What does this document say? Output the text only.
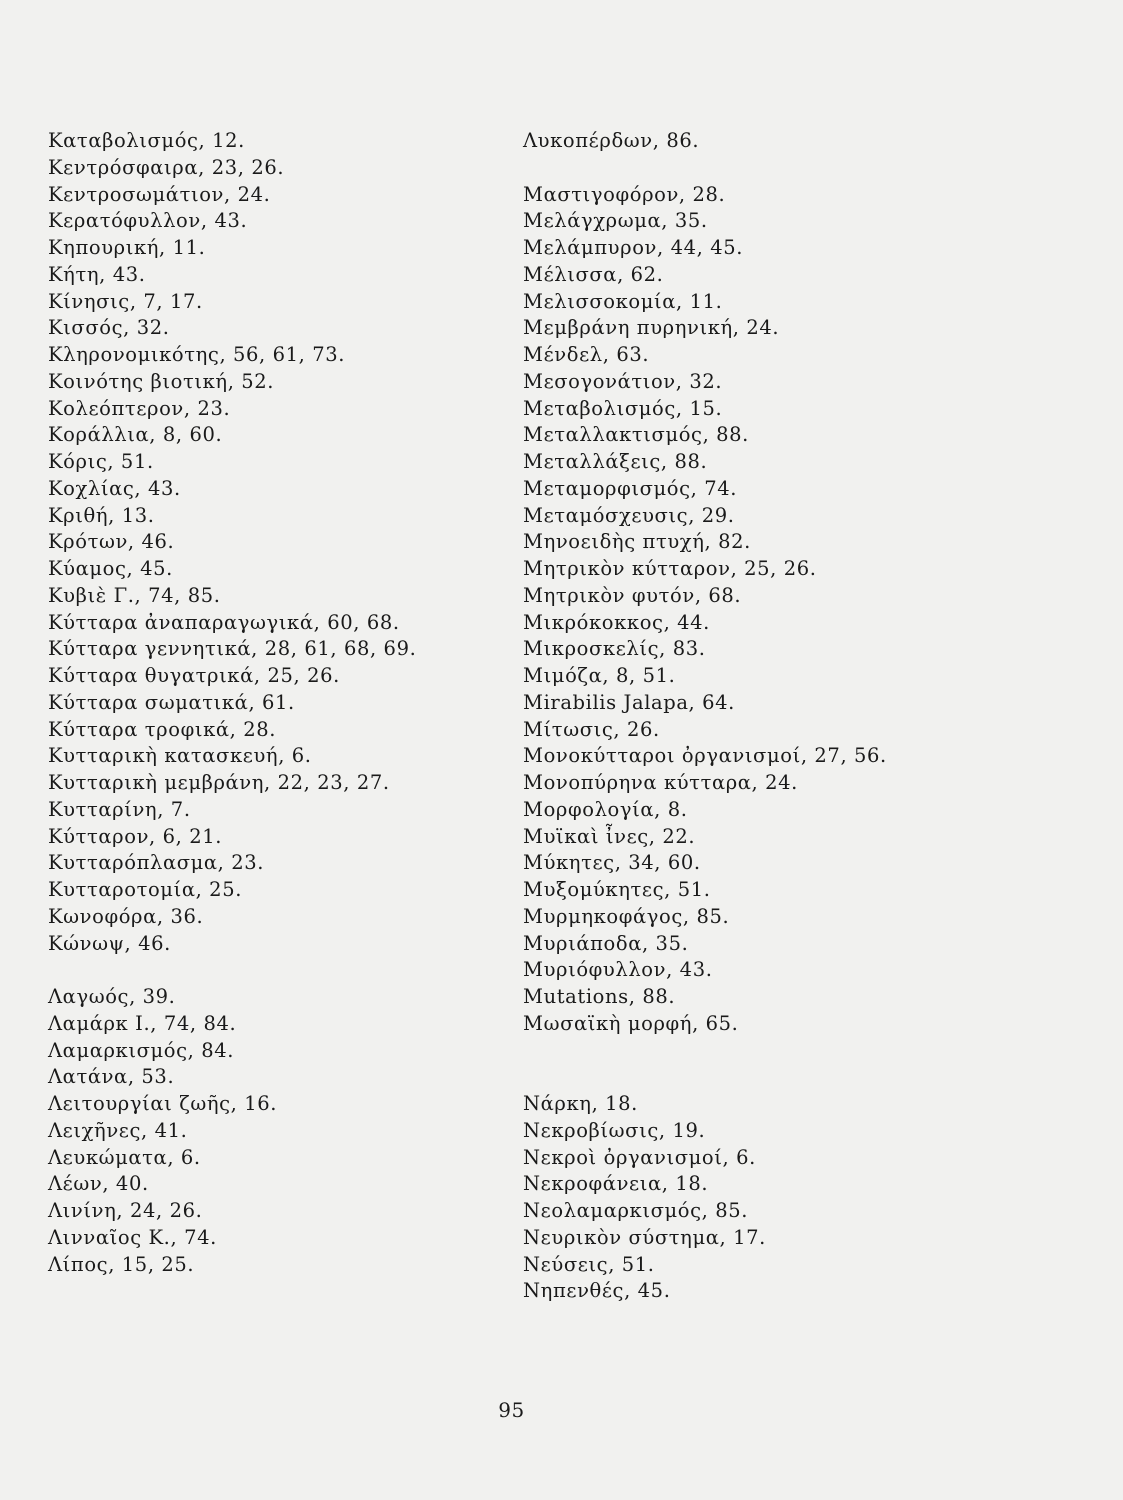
Καταβολισμός, 12.
Κεντρόσφαιρα, 23, 26.
Κεντροσωμάτιον, 24.
Κερατόφυλλον, 43.
Κηπουρική, 11.
Κήτη, 43.
Κίνησις, 7, 17.
Κισσός, 32.
Κληρονομικότης, 56, 61, 73.
Κοινότης βιοτική, 52.
Κολεόπτερον, 23.
Κοράλλια, 8, 60.
Κόρις, 51.
Κοχλίας, 43.
Κριθή, 13.
Κρότων, 46.
Κύαμος, 45.
Κυβιὲ Γ., 74, 85.
Κύτταρα ἀναπαραγωγικά, 60, 68.
Κύτταρα γεννητικά, 28, 61, 68, 69.
Κύτταρα θυγατρικά, 25, 26.
Κύτταρα σωματικά, 61.
Κύτταρα τροφικά, 28.
Κυτταρικὴ κατασκευή, 6.
Κυτταρικὴ μεμβράνη, 22, 23, 27.
Κυτταρίνη, 7.
Κύτταρον, 6, 21.
Κυτταρόπλασμα, 23.
Κυτταροτομία, 25.
Κωνοφόρα, 36.
Κώνωψ, 46.
Λαγωός, 39.
Λαμάρκ Ι., 74, 84.
Λαμαρκισμός, 84.
Λατάνα, 53.
Λειτουργίαι ζωῆς, 16.
Λειχῆνες, 41.
Λευκώματα, 6.
Λέων, 40.
Λινίνη, 24, 26.
Λινναῖος Κ., 74.
Λίπος, 15, 25.
Λυκοπέρδων, 86.
Μαστιγοφόρον, 28.
Μελάγχρωμα, 35.
Μελάμπυρον, 44, 45.
Μέλισσα, 62.
Μελισσοκομία, 11.
Μεμβράνη πυρηνική, 24.
Μένδελ, 63.
Μεσογονάτιον, 32.
Μεταβολισμός, 15.
Μεταλλακτισμός, 88.
Μεταλλάξεις, 88.
Μεταμορφισμός, 74.
Μεταμόσχευσις, 29.
Μηνοειδὴς πτυχή, 82.
Μητρικὸν κύτταρον, 25, 26.
Μητρικὸν φυτόν, 68.
Μικρόκοκκος, 44.
Μικροσκελίς, 83.
Μιμόζα, 8, 51.
Mirabilis Jalapa, 64.
Μίτωσις, 26.
Μονοκύτταροι ὀργανισμοί, 27, 56.
Μονοπύρηνα κύτταρα, 24.
Μορφολογία, 8.
Μυϊκαὶ ἶνες, 22.
Μύκητες, 34, 60.
Μυξομύκητες, 51.
Μυρμηκοφάγος, 85.
Μυριάποδα, 35.
Μυριόφυλλον, 43.
Mutations, 88.
Μωσαϊκὴ μορφή, 65.
Νάρκη, 18.
Νεκροβίωσις, 19.
Νεκροὶ ὀργανισμοί, 6.
Νεκροφάνεια, 18.
Νεολαμαρκισμός, 85.
Νευρικὸν σύστημα, 17.
Νεύσεις, 51.
Νηπενθές, 45.
95
